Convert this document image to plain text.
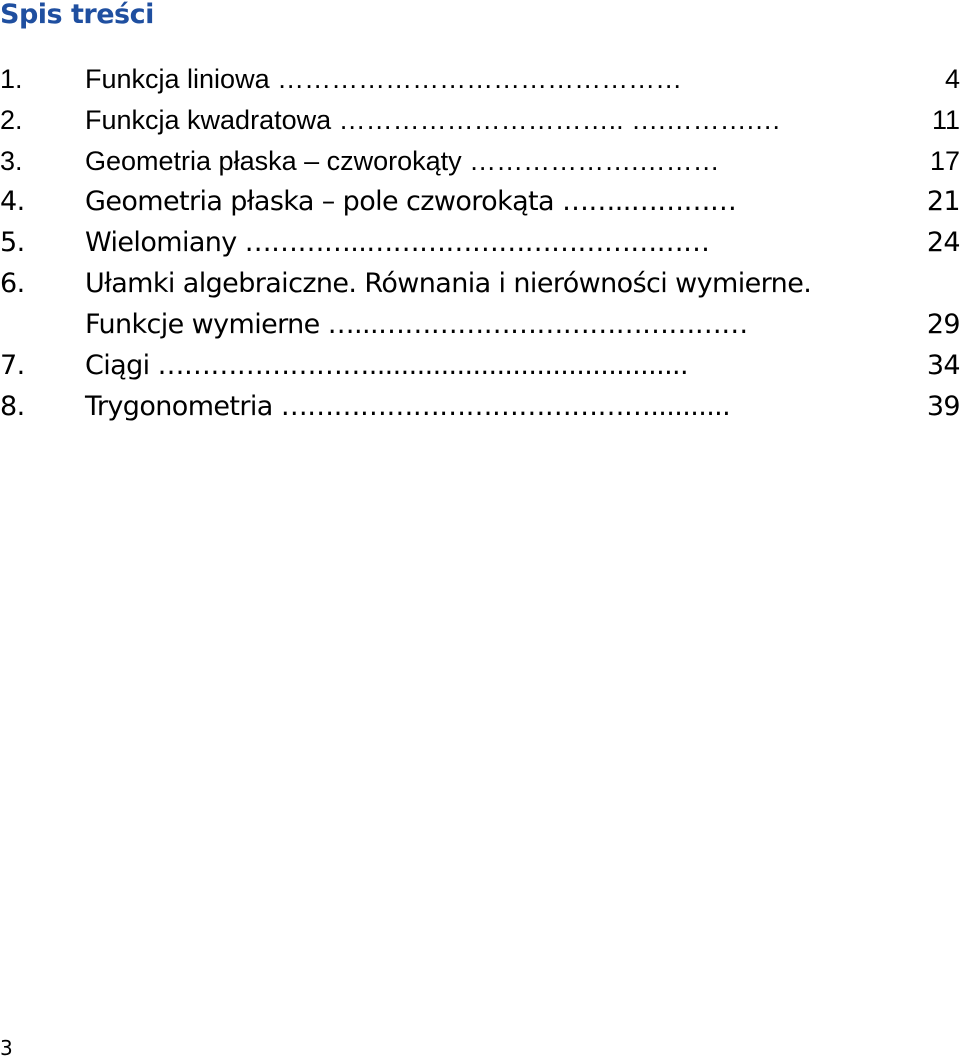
Spis treści
1. Funkcja liniowa ………………………………………	4
2. Funkcja kwadratowa ………………………….. ….……….…	11
3. Geometria płaska – czworokąty ……………….………	17
4. Geometria płaska – pole czworokąta ……..…………	21
5. Wielomiany …………..…………………………………	24
6. Ułamki algebraiczne. Równania i nierówności wymierne.
Funkcje wymierne …...……………………………………	29
7. Ciągi ……………………........................................	34
8. Trygonometria ……………………………………..........	39
3
